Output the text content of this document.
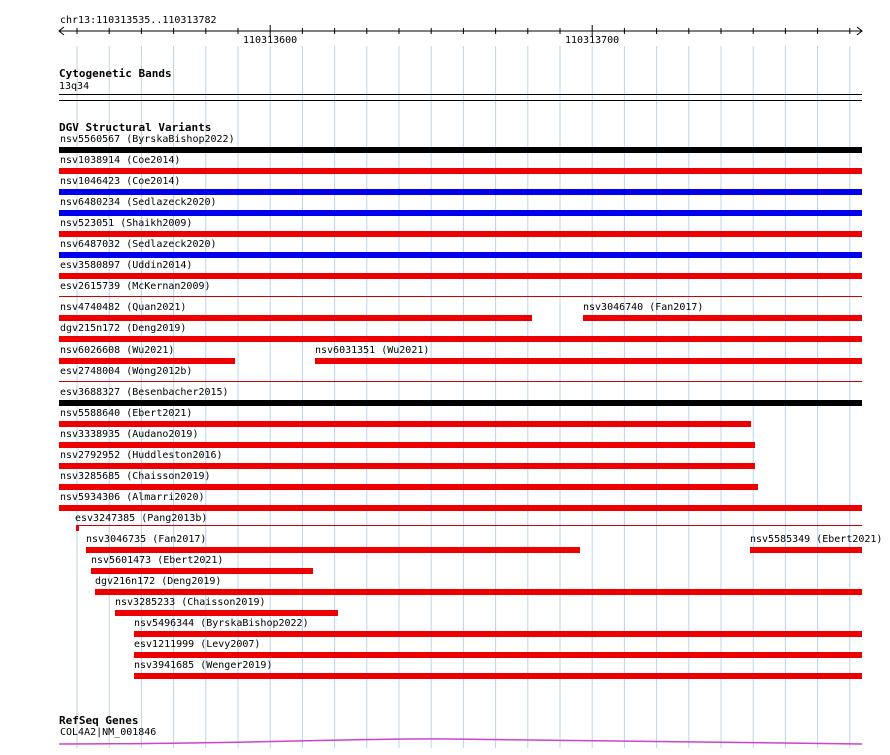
chr13:110313535..110313782
110313600	110313700
Cytogenetic Bands
13q34
DGV Structural Variants
nsv5560567 (ByrskaBishop2022)
nsv1038914 (Coe2014)
nsv1046423 (Coe2014)
nsv6480234 (Sedlazeck2020)
nsv523051 (Shaikh2009)
nsv6487032 (Sedlazeck2020)
esv3580897 (Uddin2014)
esv2615739 (McKernan2009)
nsv4740482 (Quan2021)	nsv3046740 (Fan2017)
dgv215n172 (Deng2019)
nsv6026608 (Wu2021)	nsv6031351 (Wu2021)
esv2748004 (Wong2012b)
esv3688327 (Besenbacher2015)
nsv5588640 (Ebert2021)
nsv3338935 (Audano2019)
nsv2792952 (Huddleston2016)
nsv3285685 (Chaisson2019)
nsv5934306 (Almarri2020)
esv3247385 (Pang2013b)
nsv3046735 (Fan2017)	nsv5585349 (Ebert2021)
nsv5601473 (Ebert2021)
dgv216n172 (Deng2019)
nsv3285233 (Chaisson2019)
nsv5496344 (ByrskaBishop2022)
esv1211999 (Levy2007)
nsv3941685 (Wenger2019)
RefSeq Genes
COL4A2|NM_001846
